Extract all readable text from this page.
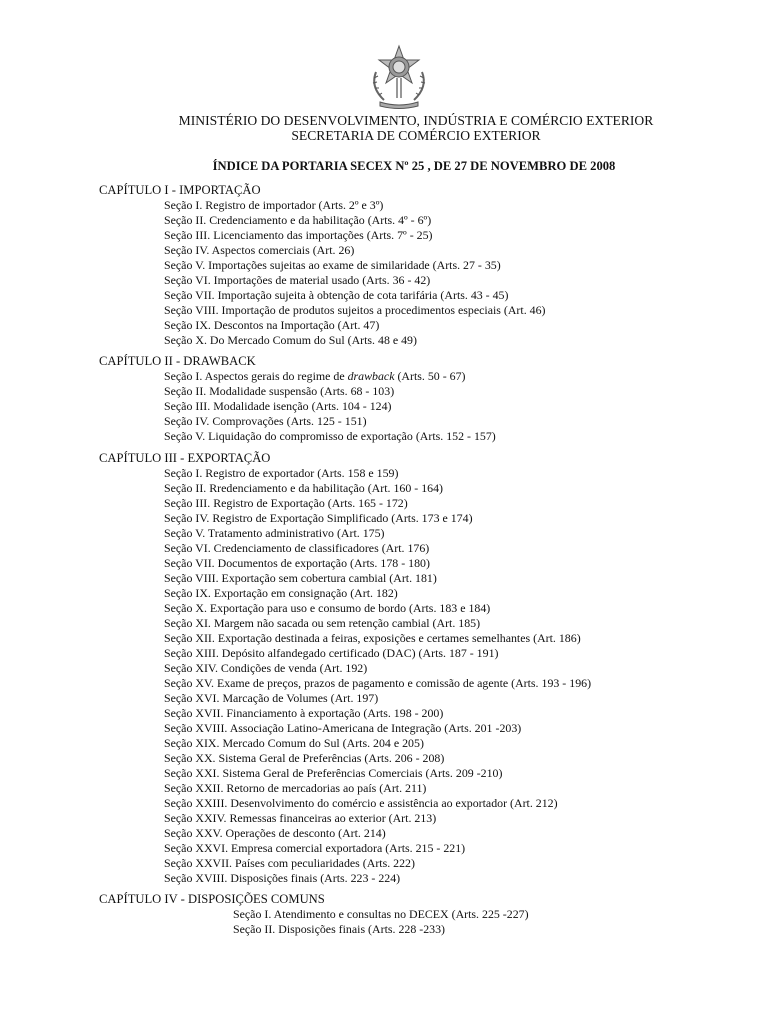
MINISTÉRIO DO DESENVOLVIMENTO, INDÚSTRIA E COMÉRCIO EXTERIOR
SECRETARIA DE COMÉRCIO EXTERIOR
ÍNDICE DA PORTARIA SECEX Nº 25 , DE 27 DE NOVEMBRO DE 2008
CAPÍTULO I - IMPORTAÇÃO
Seção I. Registro de importador (Arts. 2º e 3º)
Seção II. Credenciamento e da habilitação (Arts. 4º - 6º)
Seção III. Licenciamento das importações (Arts. 7º - 25)
Seção IV. Aspectos comerciais (Art. 26)
Seção V. Importações sujeitas ao exame de similaridade (Arts. 27 - 35)
Seção VI. Importações de material usado (Arts. 36 - 42)
Seção VII. Importação sujeita à obtenção de cota tarifária (Arts. 43 - 45)
Seção VIII. Importação de produtos sujeitos a procedimentos especiais (Art. 46)
Seção IX. Descontos na Importação (Art. 47)
Seção X. Do Mercado Comum do Sul (Arts. 48 e 49)
CAPÍTULO II - DRAWBACK
Seção I. Aspectos gerais do regime de drawback (Arts. 50 - 67)
Seção II. Modalidade suspensão (Arts. 68 - 103)
Seção III. Modalidade isenção (Arts. 104 - 124)
Seção IV. Comprovações (Arts. 125 - 151)
Seção V. Liquidação do compromisso de exportação (Arts. 152 - 157)
CAPÍTULO III - EXPORTAÇÃO
Seção I. Registro de exportador (Arts. 158 e 159)
Seção II. Rredenciamento e da habilitação (Art. 160 - 164)
Seção III. Registro de Exportação (Arts. 165 - 172)
Seção IV. Registro de Exportação Simplificado (Arts. 173 e 174)
Seção V. Tratamento administrativo (Art. 175)
Seção VI. Credenciamento de classificadores (Art. 176)
Seção VII. Documentos de exportação (Arts. 178 - 180)
Seção VIII. Exportação sem cobertura cambial (Art. 181)
Seção IX. Exportação em consignação (Art. 182)
Seção X. Exportação para uso e consumo de bordo (Arts. 183 e 184)
Seção XI. Margem não sacada ou sem retenção cambial (Art. 185)
Seção XII. Exportação destinada a feiras, exposições e certames semelhantes (Art. 186)
Seção XIII. Depósito alfandegado certificado (DAC) (Arts. 187 - 191)
Seção XIV. Condições de venda (Art. 192)
Seção XV. Exame de preços, prazos de pagamento e comissão de agente (Arts. 193 - 196)
Seção XVI. Marcação de Volumes (Art. 197)
Seção XVII. Financiamento à exportação (Arts. 198 - 200)
Seção XVIII. Associação Latino-Americana de Integração (Arts. 201 -203)
Seção XIX. Mercado Comum do Sul (Arts. 204 e 205)
Seção XX. Sistema Geral de Preferências (Arts. 206 - 208)
Seção XXI. Sistema Geral de Preferências Comerciais (Arts. 209 -210)
Seção XXII. Retorno de mercadorias ao país (Art. 211)
Seção XXIII. Desenvolvimento do comércio e assistência ao exportador (Art. 212)
Seção XXIV. Remessas financeiras ao exterior (Art. 213)
Seção XXV. Operações de desconto (Art. 214)
Seção XXVI. Empresa comercial exportadora (Arts. 215 - 221)
Seção XXVII. Países com peculiaridades (Arts. 222)
Seção XVIII. Disposições finais (Arts. 223 - 224)
CAPÍTULO IV - DISPOSIÇÕES COMUNS
Seção I. Atendimento e consultas no DECEX (Arts. 225 -227)
Seção II. Disposições finais (Arts. 228 -233)
